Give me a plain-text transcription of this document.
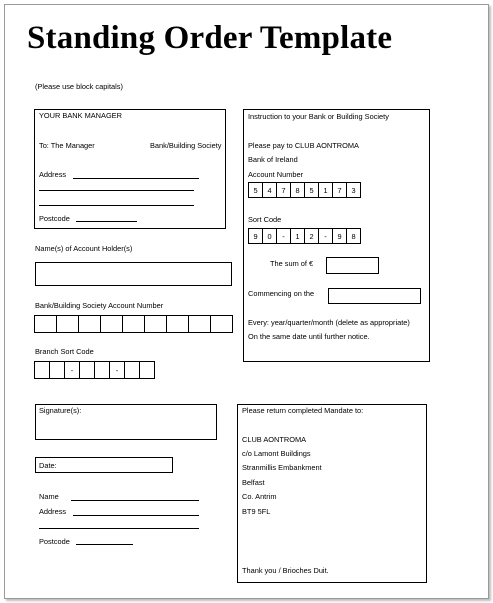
Standing Order Template
(Please use block capitals)
YOUR BANK MANAGER
To: The Manager	Bank/Building Society
Address
Postcode
Name(s) of Account Holder(s)
Bank/Building Society Account Number
Branch Sort Code
-	-
Instruction to your Bank or Building Society
Please pay to CLUB AONTROMA
Bank of Ireland
Account Number
5	4	7	8	5	1	7	3
Sort Code
9	0	-	1	2	-	9	8
The sum of €
Commencing on the
Every: year/quarter/month (delete as appropriate)
On the same date until further notice.
Signature(s):
Date:
Name
Address
Postcode
Please return completed Mandate to:
CLUB AONTROMA
c/o Lamont Buildings
Stranmillis Embankment
Belfast
Co. Antrim
BT9 5FL
Thank you / Brioches Duit.
